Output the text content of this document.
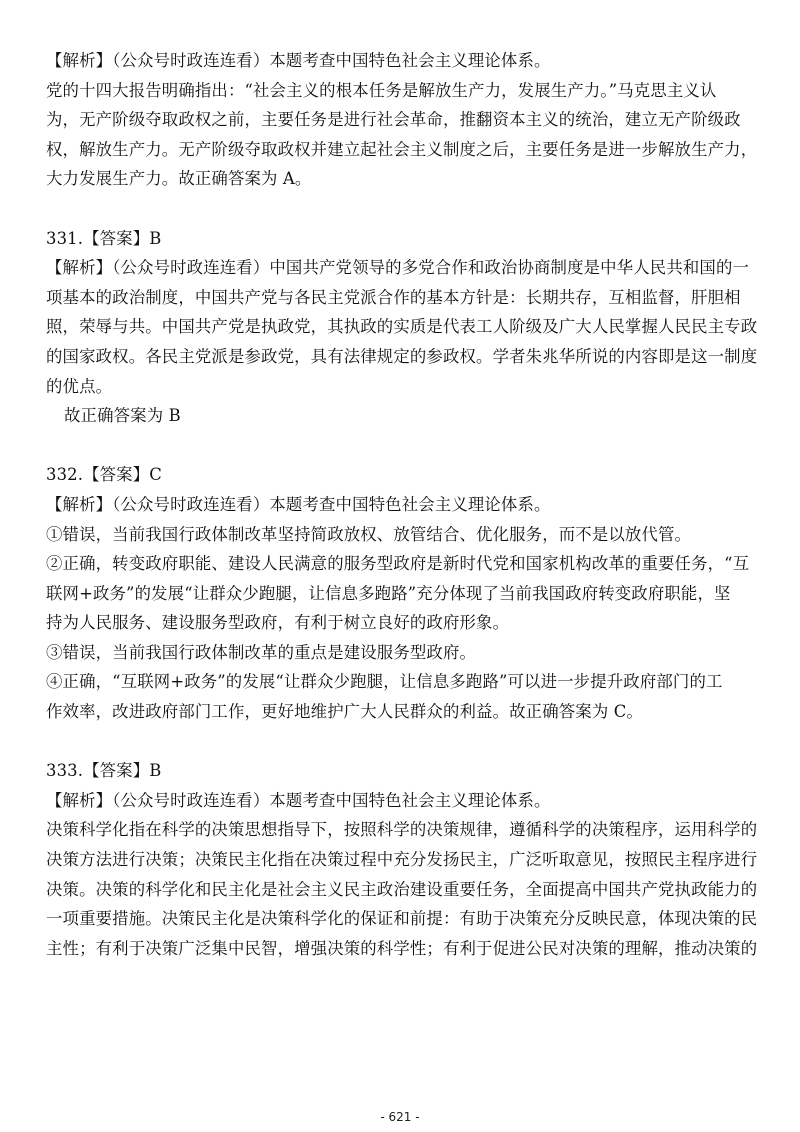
【解析】（公众号时政连连看）本题考查中国特色社会主义理论体系。
党的十四大报告明确指出：“社会主义的根本任务是解放生产力，发展生产力。”马克思主义认
为，无产阶级夺取政权之前，主要任务是进行社会革命，推翻资本主义的统治，建立无产阶级政
权，解放生产力。无产阶级夺取政权并建立起社会主义制度之后，主要任务是进一步解放生产力，
大力发展生产力。故正确答案为 A。
331.【答案】B
【解析】（公众号时政连连看）中国共产党领导的多党合作和政治协商制度是中华人民共和国的一
项基本的政治制度，中国共产党与各民主党派合作的基本方针是：长期共存，互相监督，肝胆相
照，荣辱与共。中国共产党是执政党，其执政的实质是代表工人阶级及广大人民掌握人民民主专政
的国家政权。各民主党派是参政党，具有法律规定的参政权。学者朱兆华所说的内容即是这一制度
的优点。
故正确答案为 B
332.【答案】C
【解析】（公众号时政连连看）本题考查中国特色社会主义理论体系。
①错误，当前我国行政体制改革坚持简政放权、放管结合、优化服务，而不是以放代管。
②正确，转变政府职能、建设人民满意的服务型政府是新时代党和国家机构改革的重要任务，“互
联网+政务”的发展“让群众少跑腿，让信息多跑路”充分体现了当前我国政府转变政府职能，坚
持为人民服务、建设服务型政府，有利于树立良好的政府形象。
③错误，当前我国行政体制改革的重点是建设服务型政府。
④正确，“互联网+政务”的发展“让群众少跑腿，让信息多跑路”可以进一步提升政府部门的工
作效率，改进政府部门工作，更好地维护广大人民群众的利益。故正确答案为 C。
333.【答案】B
【解析】（公众号时政连连看）本题考查中国特色社会主义理论体系。
决策科学化指在科学的决策思想指导下，按照科学的决策规律，遵循科学的决策程序，运用科学的
决策方法进行决策；决策民主化指在决策过程中充分发扬民主，广泛听取意见，按照民主程序进行
决策。决策的科学化和民主化是社会主义民主政治建设重要任务，全面提高中国共产党执政能力的
一项重要措施。决策民主化是决策科学化的保证和前提：有助于决策充分反映民意，体现决策的民
主性；有利于决策广泛集中民智，增强决策的科学性；有利于促进公民对决策的理解，推动决策的
- 621 -
